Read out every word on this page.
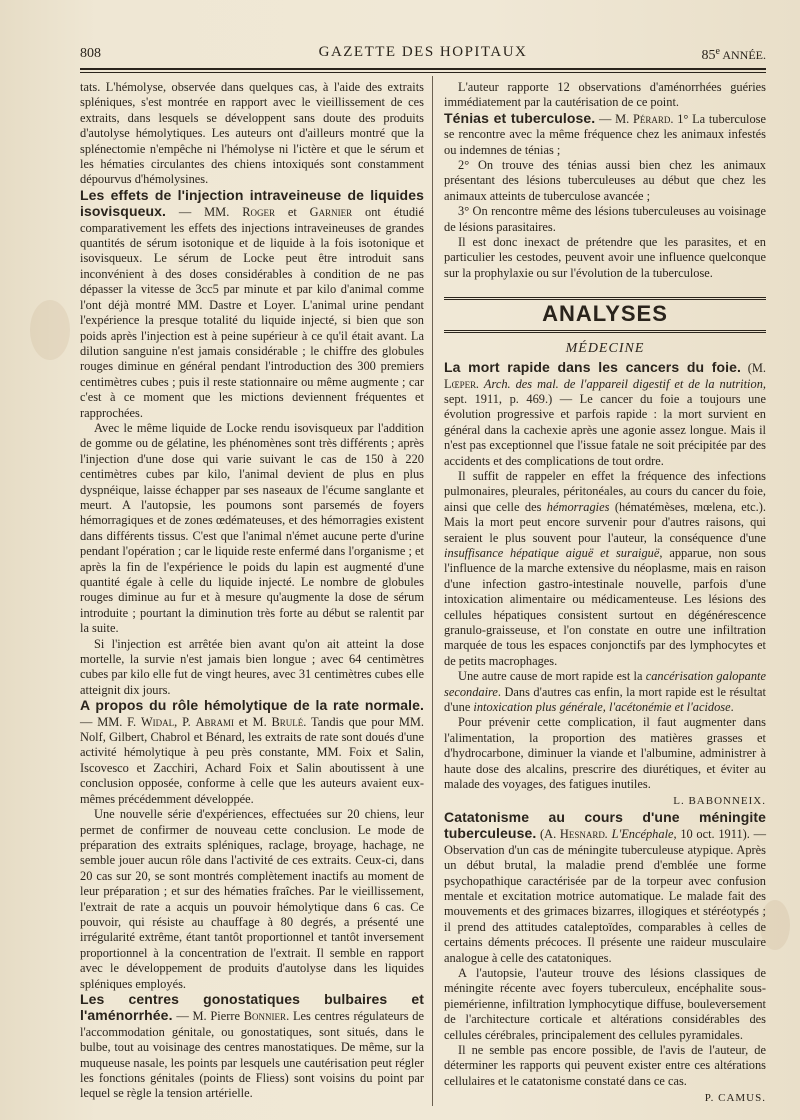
808	GAZETTE DES HOPITAUX	85e ANNÉE.

tats. L'hémolyse, observée dans quelques cas, à l'aide des extraits spléniques, s'est montrée en rapport avec le vieillissement de ces extraits, dans lesquels se développent sans doute des produits d'autolyse hémolytiques. Les auteurs ont d'ailleurs montré que la splénectomie n'empêche ni l'hémolyse ni l'ictère et que le sérum et les hématies circulantes des chiens intoxiqués sont constamment dépourvus d'hémolysines.

Les effets de l'injection intraveineuse de liquides isovisqueux. — MM. Roger et Garnier ont étudié comparativement les effets des injections intraveineuses de grandes quantités de sérum isotonique et de liquide à la fois isotonique et isovisqueux. Le sérum de Locke peut être introduit sans inconvénient à des doses considérables à condition de ne pas dépasser la vitesse de 3cc5 par minute et par kilo d'animal comme l'ont déjà montré MM. Dastre et Loyer. L'animal urine pendant l'expérience la presque totalité du liquide injecté, si bien que son poids après l'injection est à peine supérieur à ce qu'il était avant. La dilution sanguine n'est jamais considérable ; le chiffre des globules rouges diminue en général pendant l'introduction des 300 premiers centimètres cubes ; puis il reste stationnaire ou même augmente ; car c'est à ce moment que les mictions deviennent fréquentes et rapprochées.

Avec le même liquide de Locke rendu isovisqueux par l'addition de gomme ou de gélatine, les phénomènes sont très différents ; après l'injection d'une dose qui varie suivant le cas de 150 à 220 centimètres cubes par kilo, l'animal devient de plus en plus dyspnéique, laisse échapper par ses naseaux de l'écume sanglante et meurt. A l'autopsie, les poumons sont parsemés de foyers hémorragiques et de zones œdémateuses, et des hémorragies existent dans différents tissus. C'est que l'animal n'émet aucune perte d'urine pendant l'opération ; car le liquide reste enfermé dans l'organisme ; et après la fin de l'expérience le poids du lapin est augmenté d'une quantité égale à celle du liquide injecté. Le nombre de globules rouges diminue au fur et à mesure qu'augmente la dose de sérum introduite ; pourtant la diminution très forte au début se ralentit par la suite.

Si l'injection est arrêtée bien avant qu'on ait atteint la dose mortelle, la survie n'est jamais bien longue ; avec 64 centimètres cubes par kilo elle fut de vingt heures, avec 31 centimètres cubes elle atteignit dix jours.

A propos du rôle hémolytique de la rate normale. — MM. F. Widal, P. Abrami et M. Brulé. Tandis que pour MM. Nolf, Gilbert, Chabrol et Bénard, les extraits de rate sont doués d'une activité hémolytique à peu près constante, MM. Foix et Salin, Iscovesco et Zacchiri, Achard Foix et Salin aboutissent à une conclusion opposée, conforme à celle que les auteurs avaient eux-mêmes précédemment développée.

Une nouvelle série d'expériences, effectuées sur 20 chiens, leur permet de confirmer de nouveau cette conclusion. Le mode de préparation des extraits spléniques, raclage, broyage, hachage, ne semble jouer aucun rôle dans l'activité de ces extraits. Ceux-ci, dans 20 cas sur 20, se sont montrés complètement inactifs au moment de leur préparation ; et sur des hématies fraîches. Par le vieillissement, l'extrait de rate a acquis un pouvoir hémolytique dans 6 cas. Ce pouvoir, qui résiste au chauffage à 80 degrés, a présenté une irrégularité extrême, étant tantôt proportionnel et tantôt inversement proportionnel à la concentration de l'extrait. Il semble en rapport avec le développement de produits d'autolyse dans les liquides spléniques employés.

Les centres gonostatiques bulbaires et l'aménorrhée. — M. Pierre Bonnier. Les centres régulateurs de l'accommodation génitale, ou gonostatiques, sont situés, dans le bulbe, tout au voisinage des centres manostatiques. De même, sur la muqueuse nasale, les points par lesquels une cautérisation peut régler les fonctions génitales (points de Fliess) sont voisins du point par lequel se règle la tension artérielle.

L'auteur rapporte 12 observations d'aménorrhées guéries immédiatement par la cautérisation de ce point.

Ténias et tuberculose. — M. Pérard. 1° La tuberculose se rencontre avec la même fréquence chez les animaux infestés ou indemnes de ténias ;

2° On trouve des ténias aussi bien chez les animaux présentant des lésions tuberculeuses au début que chez les animaux atteints de tuberculose avancée ;

3° On rencontre même des lésions tuberculeuses au voisinage de lésions parasitaires.

Il est donc inexact de prétendre que les parasites, et en particulier les cestodes, peuvent avoir une influence quelconque sur la prophylaxie ou sur l'évolution de la tuberculose.

ANALYSES
MÉDECINE

La mort rapide dans les cancers du foie. (M. Lœper. Arch. des mal. de l'appareil digestif et de la nutrition, sept. 1911, p. 469.) — Le cancer du foie a toujours une évolution progressive et parfois rapide : la mort survient en général dans la cachexie après une agonie assez longue. Mais il n'est pas exceptionnel que l'issue fatale ne soit précipitée par des accidents et des complications de tout ordre.

Il suffit de rappeler en effet la fréquence des infections pulmonaires, pleurales, péritonéales, au cours du cancer du foie, ainsi que celle des hémorragies (hématémèses, mœlena, etc.). Mais la mort peut encore survenir pour d'autres raisons, qui seraient le plus souvent pour l'auteur, la conséquence d'une insuffisance hépatique aiguë et suraiguë, apparue, non sous l'influence de la marche extensive du néoplasme, mais en raison d'une infection gastro-intestinale nouvelle, parfois d'une intoxication alimentaire ou médicamenteuse. Les lésions des cellules hépatiques consistent surtout en dégénérescence granulo-graisseuse, et l'on constate en outre une infiltration marquée de tous les espaces conjonctifs par des lymphocytes et de petits macrophages.

Une autre cause de mort rapide est la cancérisation galopante secondaire. Dans d'autres cas enfin, la mort rapide est le résultat d'une intoxication plus générale, l'acétonémie et l'acidose.

Pour prévenir cette complication, il faut augmenter dans l'alimentation, la proportion des matières grasses et d'hydrocarbone, diminuer la viande et l'albumine, administrer à haute dose des alcalins, prescrire des diurétiques, et éviter au malade des voyages, des fatigues inutiles.

L. BABONNEIX.

Catatonisme au cours d'une méningite tuberculeuse. (A. Hesnard. L'Encéphale, 10 oct. 1911). — Observation d'un cas de méningite tuberculeuse atypique. Après un début brutal, la maladie prend d'emblée une forme psychopathique caractérisée par de la torpeur avec confusion mentale et excitation motrice automatique. Le malade fait des mouvements et des grimaces bizarres, illogiques et stéréotypés ; il prend des attitudes cataleptoïdes, comparables à celles de certains déments précoces. Il présente une raideur musculaire analogue à celle des catatoniques.

A l'autopsie, l'auteur trouve des lésions classiques de méningite récente avec foyers tuberculeux, encéphalite sous-piemérienne, infiltration lymphocytique diffuse, bouleversement de l'architecture corticale et altérations considérables des cellules cérébrales, principalement des cellules pyramidales.

Il ne semble pas encore possible, de l'avis de l'auteur, de déterminer les rapports qui peuvent exister entre ces altérations cellulaires et le catatonisme constaté dans ce cas.

P. CAMUS.
